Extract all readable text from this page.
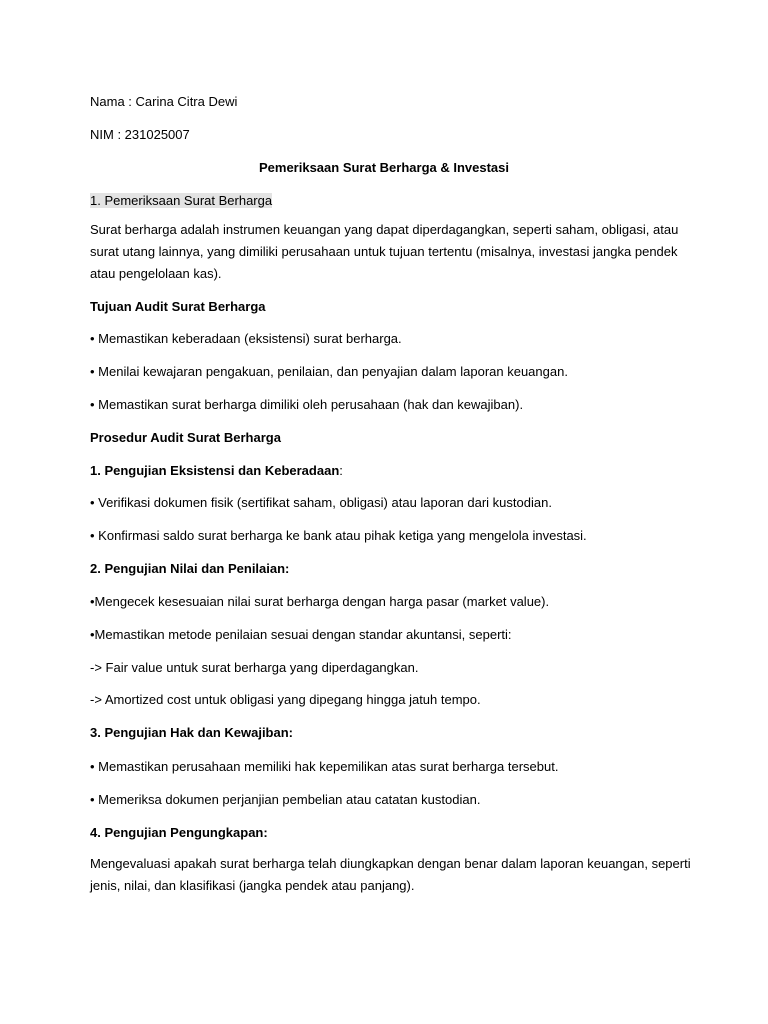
Nama : Carina Citra Dewi
NIM : 231025007
Pemeriksaan Surat Berharga & Investasi
1. Pemeriksaan Surat Berharga
Surat berharga adalah instrumen keuangan yang dapat diperdagangkan, seperti saham, obligasi, atau
surat utang lainnya, yang dimiliki perusahaan untuk tujuan tertentu (misalnya, investasi jangka pendek
atau pengelolaan kas).
Tujuan Audit Surat Berharga
• Memastikan keberadaan (eksistensi) surat berharga.
• Menilai kewajaran pengakuan, penilaian, dan penyajian dalam laporan keuangan.
• Memastikan surat berharga dimiliki oleh perusahaan (hak dan kewajiban).
Prosedur Audit Surat Berharga
1. Pengujian Eksistensi dan Keberadaan:
• Verifikasi dokumen fisik (sertifikat saham, obligasi) atau laporan dari kustodian.
• Konfirmasi saldo surat berharga ke bank atau pihak ketiga yang mengelola investasi.
2. Pengujian Nilai dan Penilaian:
•Mengecek kesesuaian nilai surat berharga dengan harga pasar (market value).
•Memastikan metode penilaian sesuai dengan standar akuntansi, seperti:
-> Fair value untuk surat berharga yang diperdagangkan.
-> Amortized cost untuk obligasi yang dipegang hingga jatuh tempo.
3. Pengujian Hak dan Kewajiban:
• Memastikan perusahaan memiliki hak kepemilikan atas surat berharga tersebut.
• Memeriksa dokumen perjanjian pembelian atau catatan kustodian.
4. Pengujian Pengungkapan:
Mengevaluasi apakah surat berharga telah diungkapkan dengan benar dalam laporan keuangan, seperti
jenis, nilai, dan klasifikasi (jangka pendek atau panjang).
